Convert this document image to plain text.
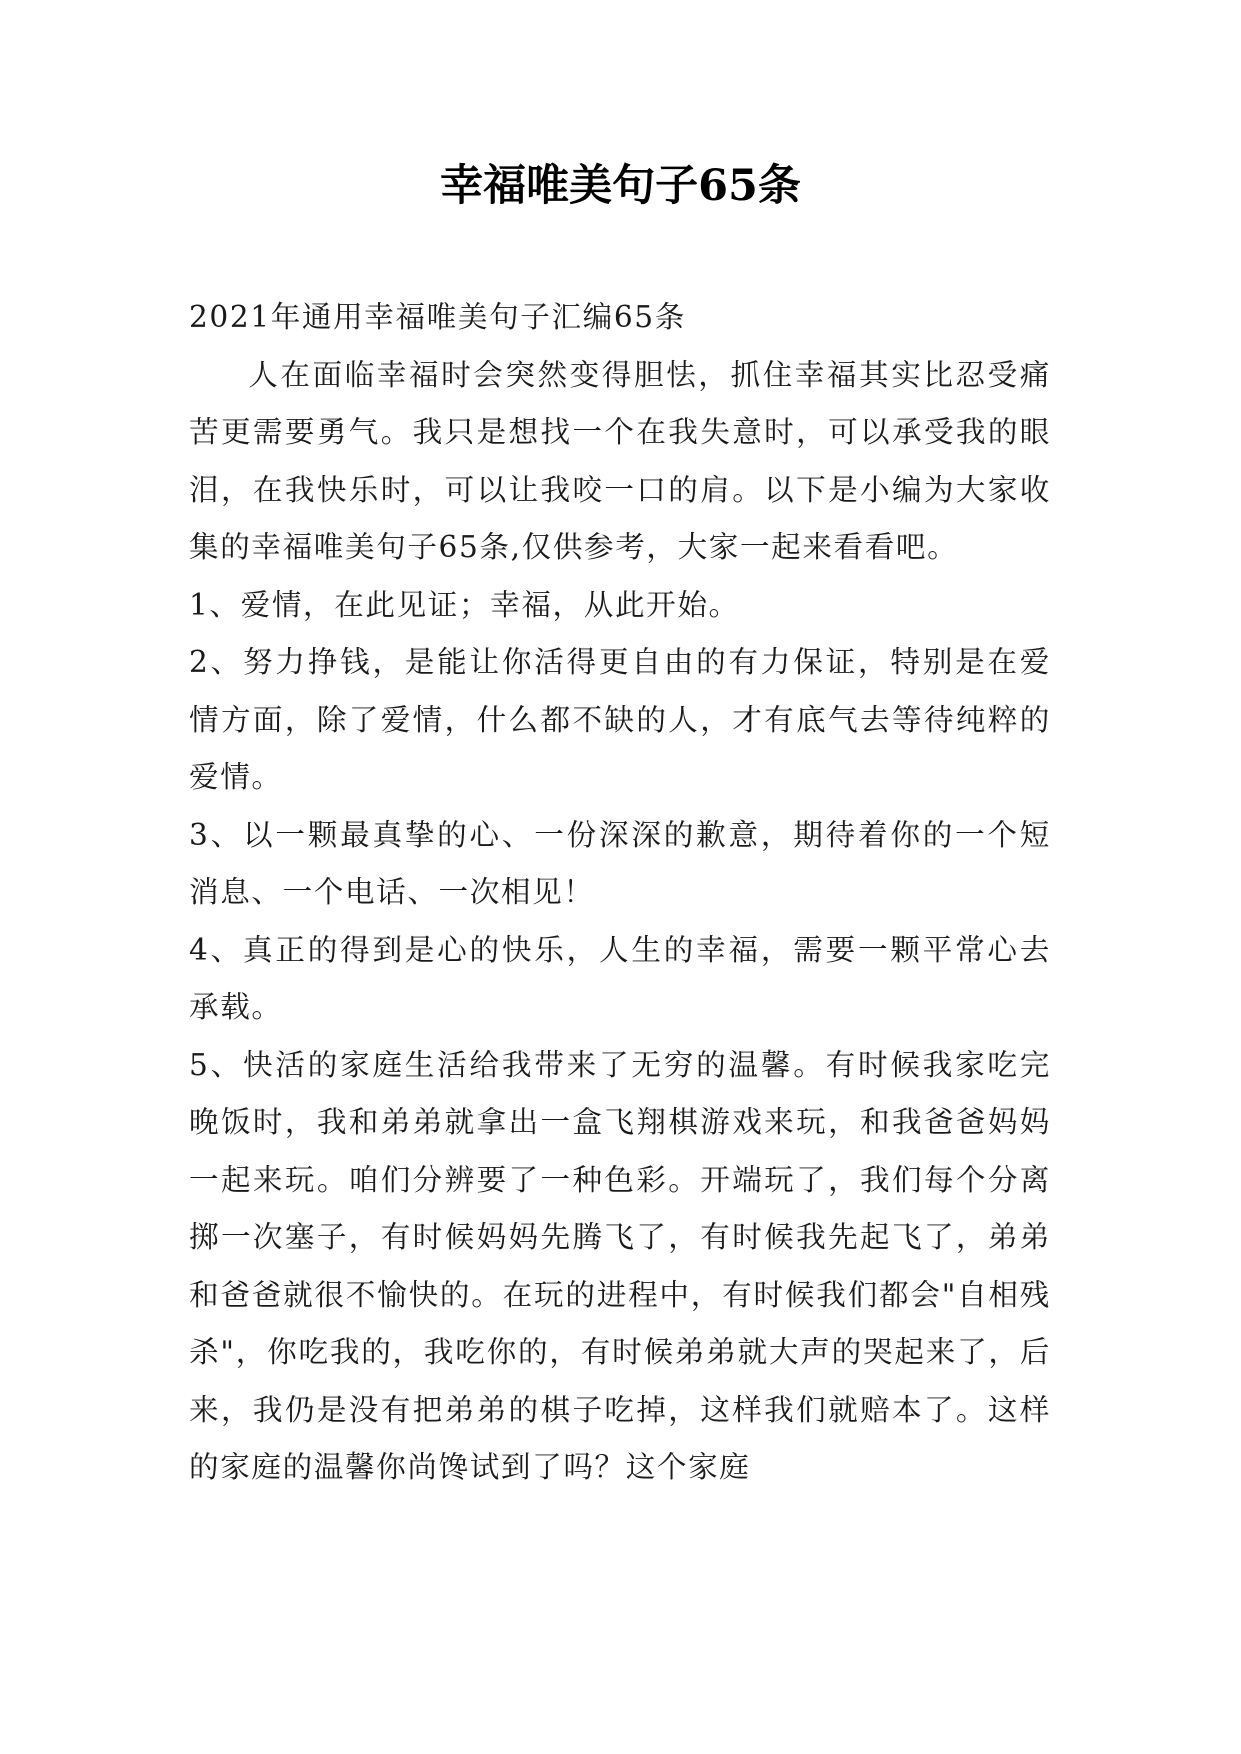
幸福唯美句子65条

2021年通用幸福唯美句子汇编65条

人在面临幸福时会突然变得胆怯，抓住幸福其实比忍受痛苦更需要勇气。我只是想找一个在我失意时，可以承受我的眼泪，在我快乐时，可以让我咬一口的肩。以下是小编为大家收集的幸福唯美句子65条,仅供参考，大家一起来看看吧。

1、爱情，在此见证；幸福，从此开始。

2、努力挣钱，是能让你活得更自由的有力保证，特别是在爱情方面，除了爱情，什么都不缺的人，才有底气去等待纯粹的爱情。

3、以一颗最真挚的心、一份深深的歉意，期待着你的一个短消息、一个电话、一次相见！

4、真正的得到是心的快乐，人生的幸福，需要一颗平常心去承载。

5、快活的家庭生活给我带来了无穷的温馨。有时候我家吃完晚饭时，我和弟弟就拿出一盒飞翔棋游戏来玩，和我爸爸妈妈一起来玩。咱们分辨要了一种色彩。开端玩了，我们每个分离掷一次塞子，有时候妈妈先腾飞了，有时候我先起飞了，弟弟和爸爸就很不愉快的。在玩的进程中，有时候我们都会"自相残杀"，你吃我的，我吃你的，有时候弟弟就大声的哭起来了，后来，我仍是没有把弟弟的棋子吃掉，这样我们就赔本了。这样的家庭的温馨你尚馋试到了吗？这个家庭
